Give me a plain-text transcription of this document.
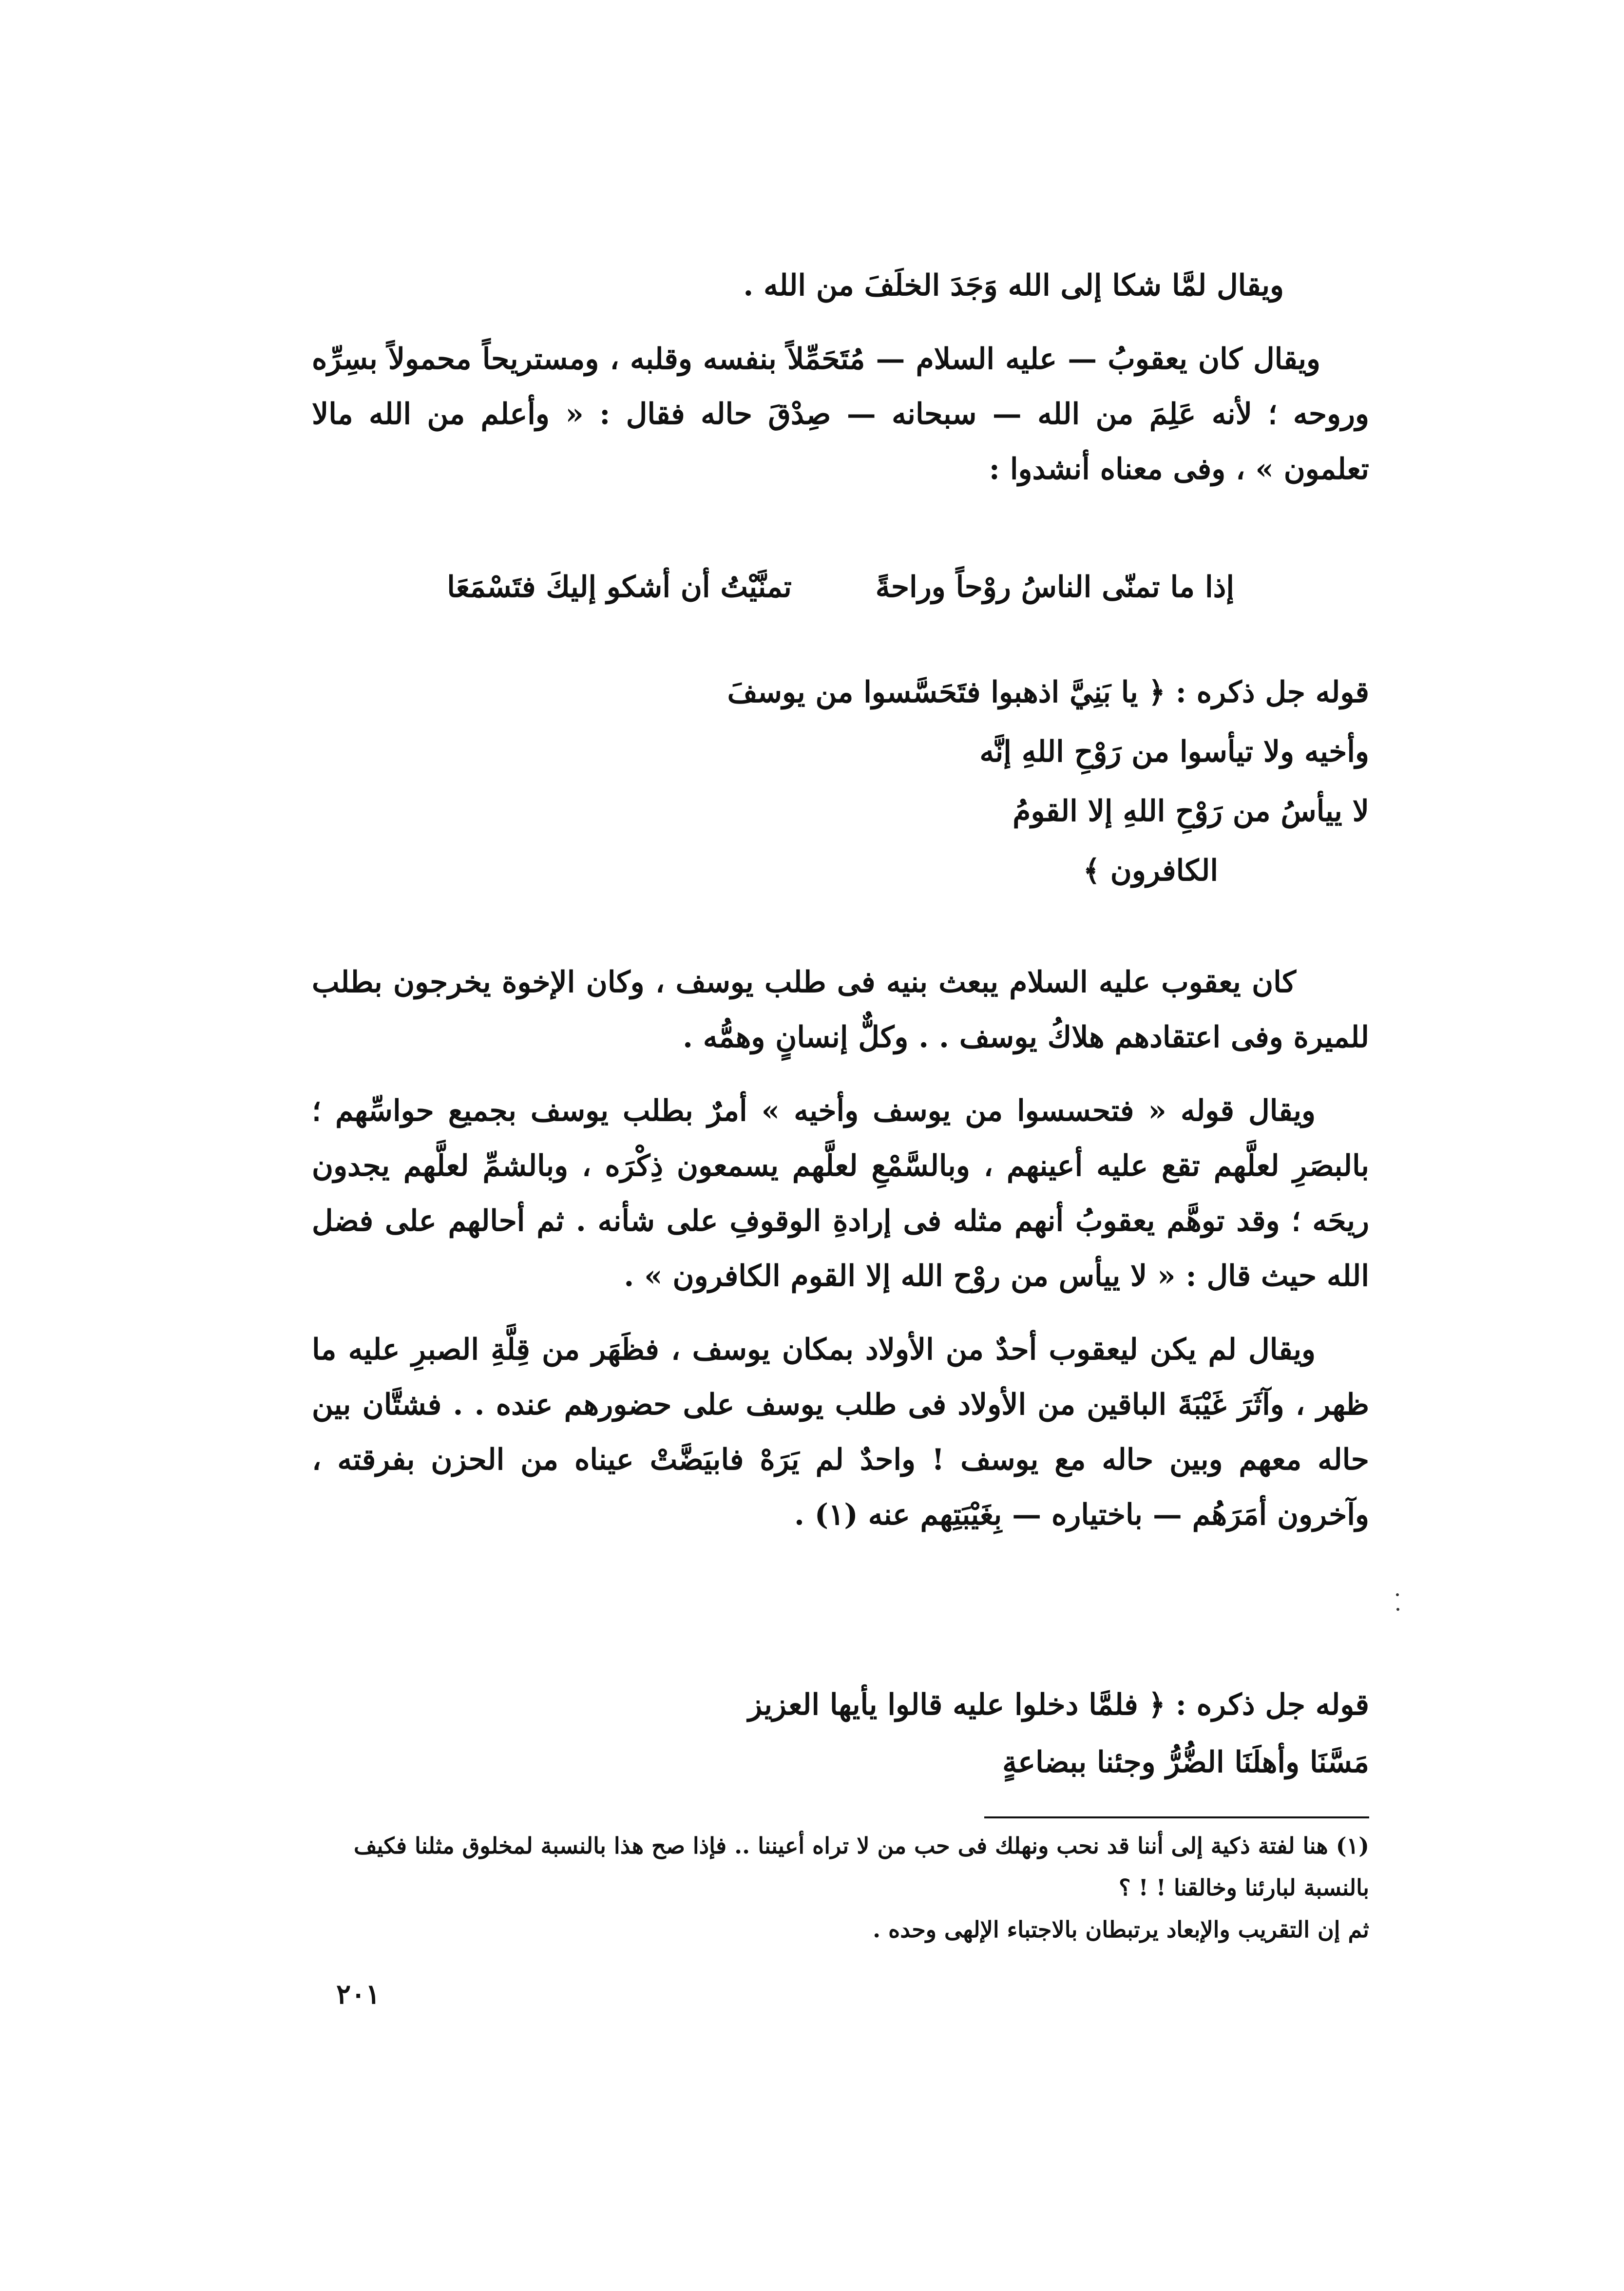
ويقال لمَّا شكا إلى الله وَجَدَ الخلَفَ من الله .

ويقال كان يعقوبُ — عليه السلام — مُتَحَمِّلاً بنفسه وقلبه ، ومستريحاً محمولاً بسِرِّه وروحه ؛ لأنه عَلِمَ من الله — سبحانه — صِدْقَ حاله فقال : « وأعلم من الله مالا تعلمون » ، وفى معناه أنشدوا :

إذا ما تمنّى الناسُ روْحاً وراحةً  تمنَّيْتُ أن أشكو إليكَ فتَسْمَعَا
قوله جل ذكره : ﴿ يا بَنِيَّ اذهبوا فتَحَسَّسوا من يوسفَ
وأخيه ولا تيأسوا من رَوْحِ اللهِ إنَّه
لا ييأسُ من رَوْحِ اللهِ إلا القومُ
الكافرون ﴾

كان يعقوب عليه السلام يبعث بنيه فى طلب يوسف ، وكان الإخوة يخرجون بطلب للميرة وفى اعتقادهم هلاكُ يوسف . . وكلٌّ إنسانٍ وهمُّه .

ويقال قوله « فتحسسوا من يوسف وأخيه » أمرٌ بطلب يوسف بجميع حواسِّهم ؛ بالبصَرِ لعلَّهم تقع عليه أعينهم ، وبالسَّمْعِ لعلَّهم يسمعون ذِكْرَه ، وبالشمِّ لعلَّهم يجدون ريحَه ؛ وقد توهَّم يعقوبُ أنهم مثله فى إرادةِ الوقوفِ على شأنه . ثم أحالهم على فضل الله حيث قال : « لا ييأس من روْح الله إلا القوم الكافرون » .

ويقال لم يكن ليعقوب أحدٌ من الأولاد بمكان يوسف ، فظَهَر من قِلَّةِ الصبرِ عليه ما ظهر ، وآثَرَ غَيْبَةَ الباقين من الأولاد فى طلب يوسف على حضورهم عنده . . فشتَّان بين حاله معهم وبين حاله مع يوسف ! واحدٌ لم يَرَهْ فابيَضَّتْ عيناه من الحزن بفرقته ، وآخرون أمَرَهُم — باختياره — بِغَيْبَتِهم عنه (١) .

قوله جل ذكره : ﴿ فلمَّا دخلوا عليه قالوا يأيها العزيز
مَسَّنَا وأهلَنَا الضُّرُّ وجئنا ببضاعةٍ

(١) هنا لفتة ذكية إلى أننا قد نحب ونهلك فى حب من لا تراه أعيننا .. فإذا صح هذا بالنسبة لمخلوق مثلنا فكيف بالنسبة لبارئنا وخالقنا ! ! ؟

ثم إن التقريب والإبعاد يرتبطان بالاجتباء الإلهى وحده .

٢٠١
